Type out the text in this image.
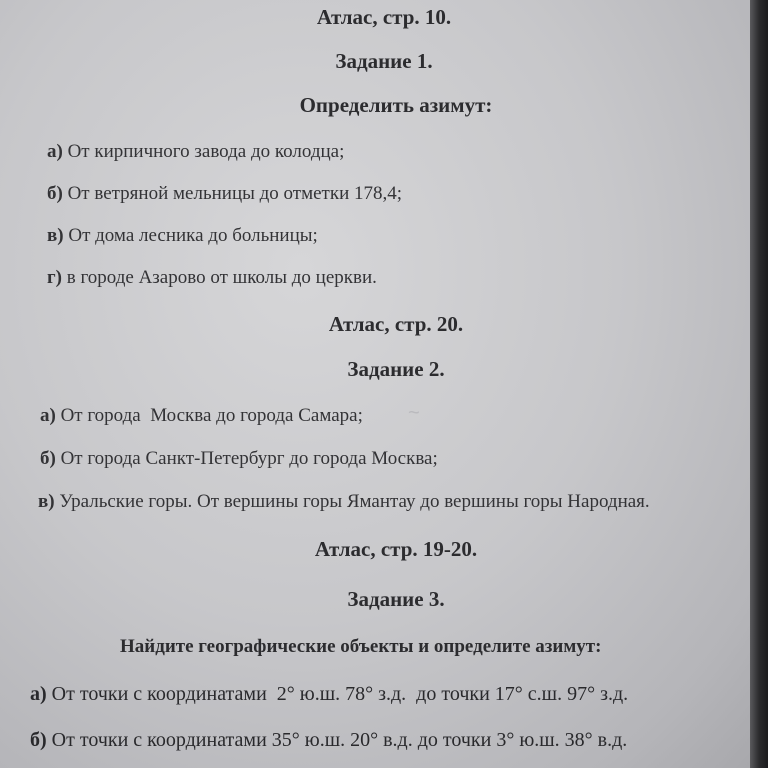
Атлас, стр. 10.
Задание 1.
Определить азимут:
а) От кирпичного завода до колодца;
б) От ветряной мельницы до отметки 178,4;
в) От дома лесника до больницы;
г) в городе Азарово от школы до церкви.
Атлас, стр. 20.
Задание 2.
~
а) От города  Москва до города Самара;
б) От города Санкт-Петербург до города Москва;
в) Уральские горы. От вершины горы Ямантау до вершины горы Народная.
Атлас, стр. 19-20.
Задание 3.
Найдите географические объекты и определите азимут:
а) От точки с координатами  2° ю.ш. 78° з.д.  до точки 17° с.ш. 97° з.д.
б) От точки с координатами 35° ю.ш. 20° в.д. до точки 3° ю.ш. 38° в.д.
